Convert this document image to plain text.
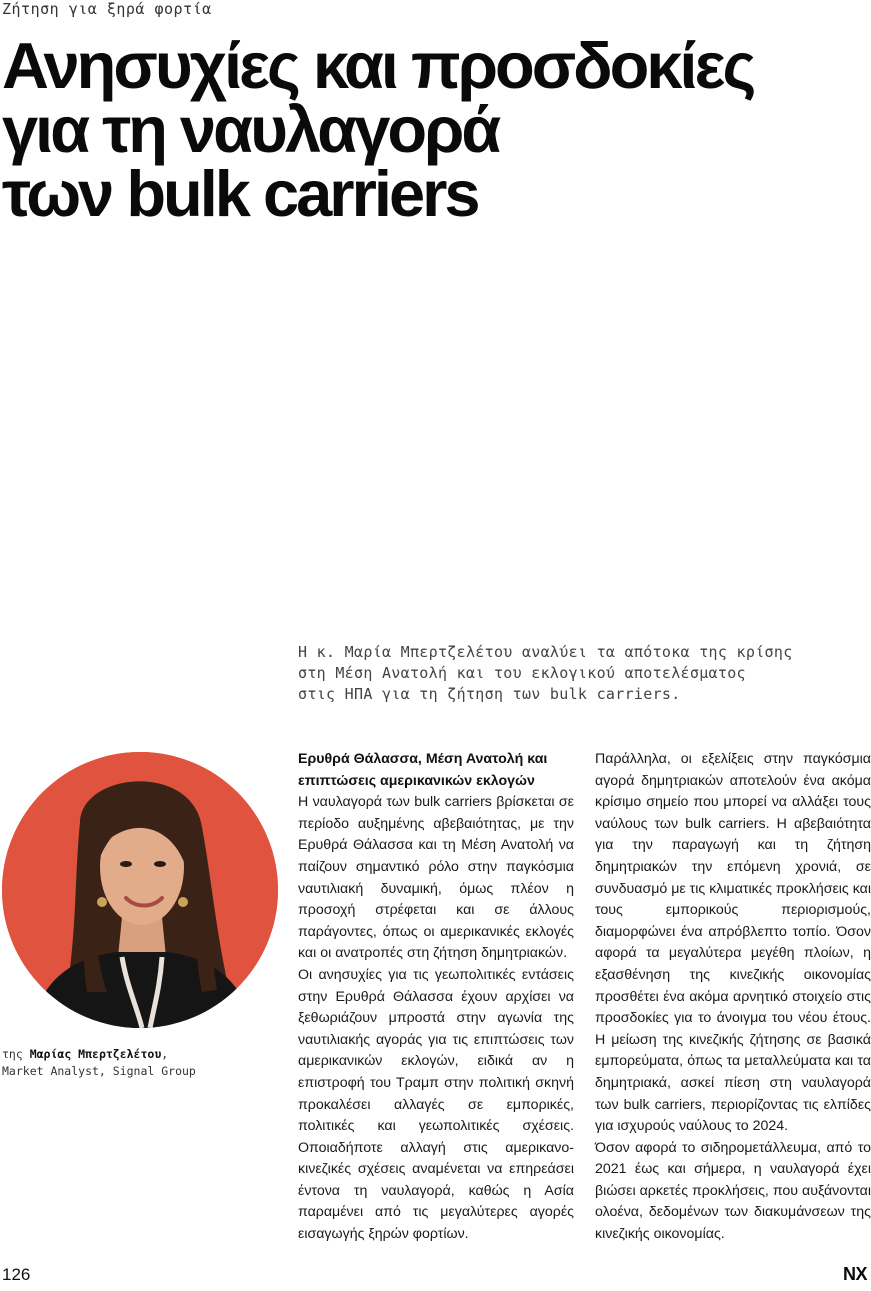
Ζήτηση για ξηρά φορτία
Ανησυχίες και προσδοκίες
για τη ναυλαγορά
των bulk carriers
Η κ. Μαρία Μπερτζελέτου αναλύει τα απότοκα της κρίσης
στη Μέση Ανατολή και του εκλογικού αποτελέσματος
στις ΗΠΑ για τη ζήτηση των bulk carriers.
της Μαρίας Μπερτζελέτου,
Market Analyst, Signal Group
Ερυθρά Θάλασσα, Μέση Ανατολή και επιπτώσεις αμερικανικών εκλογών

Η ναυλαγορά των bulk carriers βρίσκεται σε περίοδο αυξημένης αβεβαιότητας, με την Ερυθρά Θάλασσα και τη Μέση Ανατολή να παίζουν σημαντικό ρόλο στην παγκόσμια ναυτιλιακή δυναμική, όμως πλέον η προσοχή στρέφεται και σε άλλους παράγοντες, όπως οι αμερικανικές εκλογές και οι ανατροπές στη ζήτηση δημητριακών.

Οι ανησυχίες για τις γεωπολιτικές εντάσεις στην Ερυθρά Θάλασσα έχουν αρχίσει να ξεθωριάζουν μπροστά στην αγωνία της ναυτιλιακής αγοράς για τις επιπτώσεις των αμερικανικών εκλογών, ειδικά αν η επιστροφή του Τραμπ στην πολιτική σκηνή προκαλέσει αλλαγές σε εμπορικές, πολιτικές και γεωπολιτικές σχέσεις. Οποιαδήποτε αλλαγή στις αμερικανο-κινεζικές σχέσεις αναμένεται να επηρεάσει έντονα τη ναυλαγορά, καθώς η Ασία παραμένει από τις μεγαλύτερες αγορές εισαγωγής ξηρών φορτίων.

Παράλληλα, οι εξελίξεις στην παγκόσμια αγορά δημητριακών αποτελούν ένα ακόμα κρίσιμο σημείο που μπορεί να αλλάξει τους ναύλους των bulk carriers. Η αβεβαιότητα για την παραγωγή και τη ζήτηση δημητριακών την επόμενη χρονιά, σε συνδυασμό με τις κλιματικές προκλήσεις και τους εμπορικούς περιορισμούς, διαμορφώνει ένα απρόβλεπτο τοπίο. Όσον αφορά τα μεγαλύτερα μεγέθη πλοίων, η εξασθένηση της κινεζικής οικονομίας προσθέτει ένα ακόμα αρνητικό στοιχείο στις προσδοκίες για το άνοιγμα του νέου έτους. Η μείωση της κινεζικής ζήτησης σε βασικά εμπορεύματα, όπως τα μεταλλεύματα και τα δημητριακά, ασκεί πίεση στη ναυλαγορά των bulk carriers, περιορίζοντας τις ελπίδες για ισχυρούς ναύλους το 2024.

Όσον αφορά το σιδηρομετάλλευμα, από το 2021 έως και σήμερα, η ναυλαγορά έχει βιώσει αρκετές προκλήσεις, που αυξάνονται ολοένα, δεδομένων των διακυμάνσεων της κινεζικής οικονομίας.

126	NX
